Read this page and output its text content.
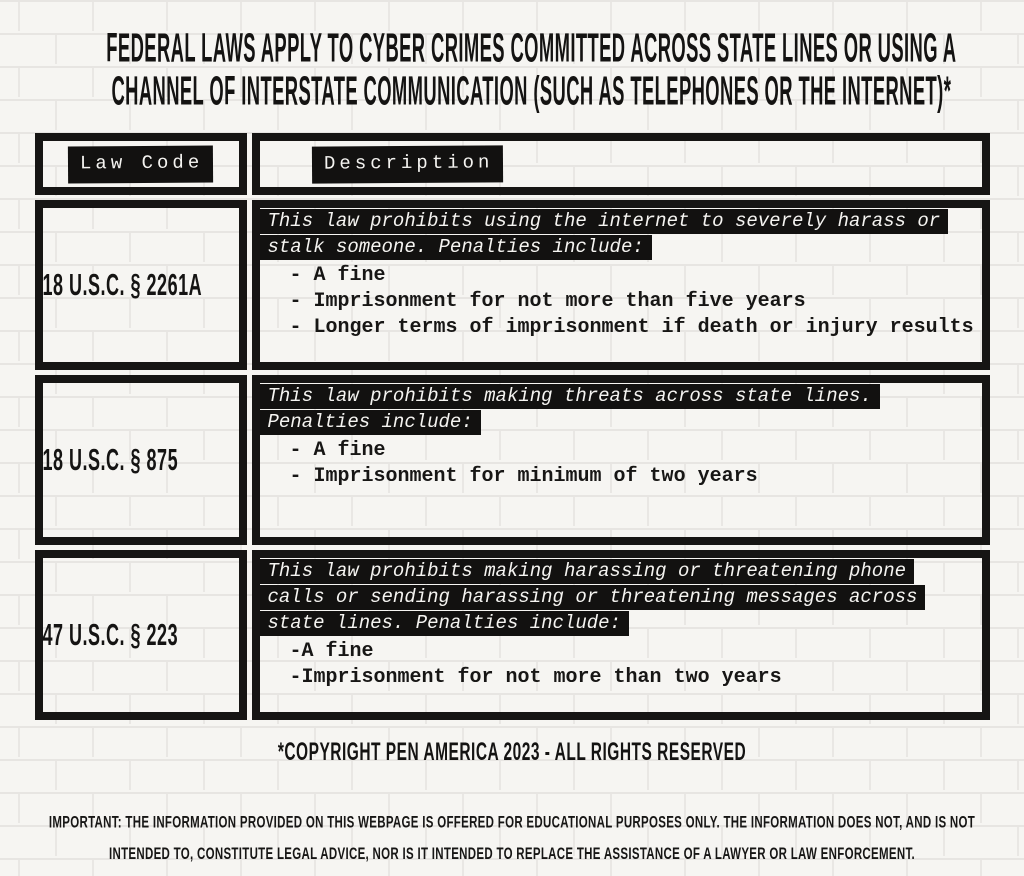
FEDERAL LAWS APPLY TO CYBER CRIMES COMMITTED ACROSS STATE LINES OR USING A
CHANNEL OF INTERSTATE COMMUNICATION (SUCH AS TELEPHONES OR THE INTERNET)*
Law Code	Description
18 U.S.C. § 2261A	This law prohibits using the internet to severely harass or stalk someone. Penalties include:
- A fine
- Imprisonment for not more than five years
- Longer terms of imprisonment if death or injury results

18 U.S.C. § 875	This law prohibits making threats across state lines. Penalties include:
- A fine
- Imprisonment for minimum of two years

47 U.S.C. § 223	This law prohibits making harassing or threatening phone calls or sending harassing or threatening messages across state lines. Penalties include:
-A fine
-Imprisonment for not more than two years
*COPYRIGHT PEN AMERICA 2023 - ALL RIGHTS RESERVED
IMPORTANT: THE INFORMATION PROVIDED ON THIS WEBPAGE IS OFFERED FOR EDUCATIONAL PURPOSES ONLY. THE INFORMATION DOES NOT, AND IS NOT INTENDED TO, CONSTITUTE LEGAL ADVICE, NOR IS IT INTENDED TO REPLACE THE ASSISTANCE OF A LAWYER OR LAW ENFORCEMENT.
